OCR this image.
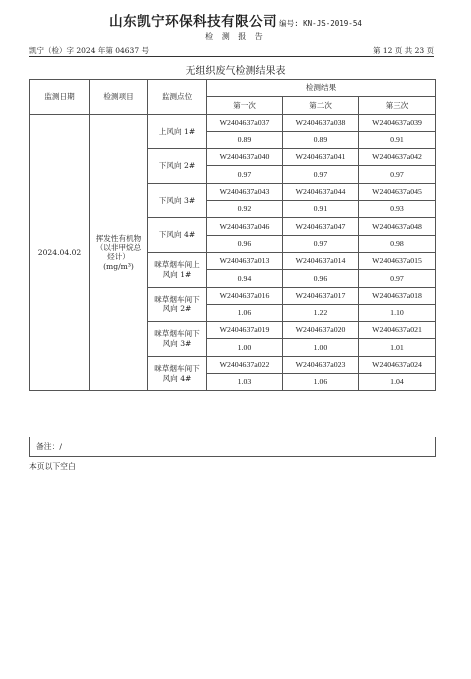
山东凯宁环保科技有限公司 编号: KN-JS-2019-54
检 测 报 告
凯宁（检）字 2024 年第 04637 号	第 12 页 共 23 页
无组织废气检测结果表
监测日期	检测项目	监测点位	检测结果		
			第一次	第二次	第三次
2024.04.02	挥发性有机物（以非甲烷总烃计）(mg/m³)	上风向 1#	W2404637a037	W2404637a038	W2404637a039
			0.89	0.89	0.91
		下风向 2#	W2404637a040	W2404637a041	W2404637a042
			0.97	0.97	0.97
		下风向 3#	W2404637a043	W2404637a044	W2404637a045
			0.92	0.91	0.93
		下风向 4#	W2404637a046	W2404637a047	W2404637a048
			0.96	0.97	0.98
		咪草烟车间上风向 1#	W2404637a013	W2404637a014	W2404637a015
			0.94	0.96	0.97
		咪草烟车间下风向 2#	W2404637a016	W2404637a017	W2404637a018
			1.06	1.22	1.10
		咪草烟车间下风向 3#	W2404637a019	W2404637a020	W2404637a021
			1.00	1.00	1.01
		咪草烟车间下风向 4#	W2404637a022	W2404637a023	W2404637a024
			1.03	1.06	1.04
备注：/
本页以下空白
